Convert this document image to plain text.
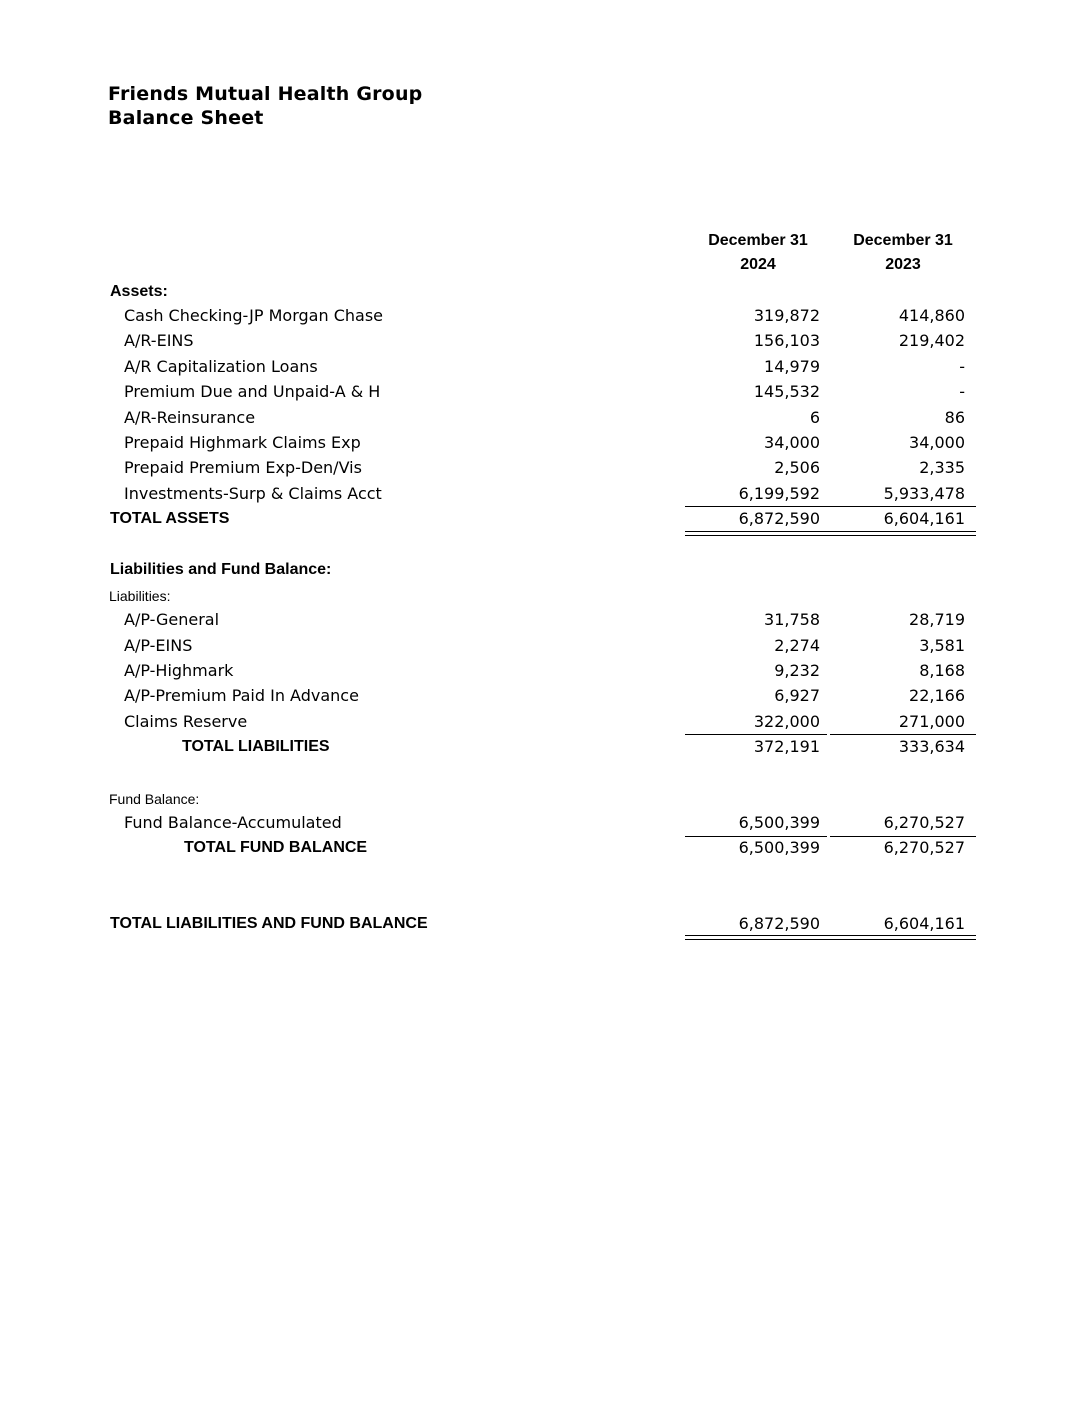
Friends Mutual Health Group
Balance Sheet
December 31
2024
December 31
2023
Assets:
Cash Checking-JP Morgan Chase	319,872	414,860
A/R-EINS	156,103	219,402
A/R Capitalization Loans	14,979	-
Premium Due and Unpaid-A & H	145,532	-
A/R-Reinsurance	6	86
Prepaid Highmark Claims Exp	34,000	34,000
Prepaid Premium Exp-Den/Vis	2,506	2,335
Investments-Surp & Claims Acct	6,199,592	5,933,478
TOTAL ASSETS	6,872,590	6,604,161
Liabilities and Fund Balance:
Liabilities:
A/P-General	31,758	28,719
A/P-EINS	2,274	3,581
A/P-Highmark	9,232	8,168
A/P-Premium Paid In Advance	6,927	22,166
Claims Reserve	322,000	271,000
TOTAL LIABILITIES	372,191	333,634
Fund Balance:
Fund Balance-Accumulated	6,500,399	6,270,527
TOTAL FUND BALANCE	6,500,399	6,270,527
TOTAL LIABILITIES AND FUND BALANCE	6,872,590	6,604,161
